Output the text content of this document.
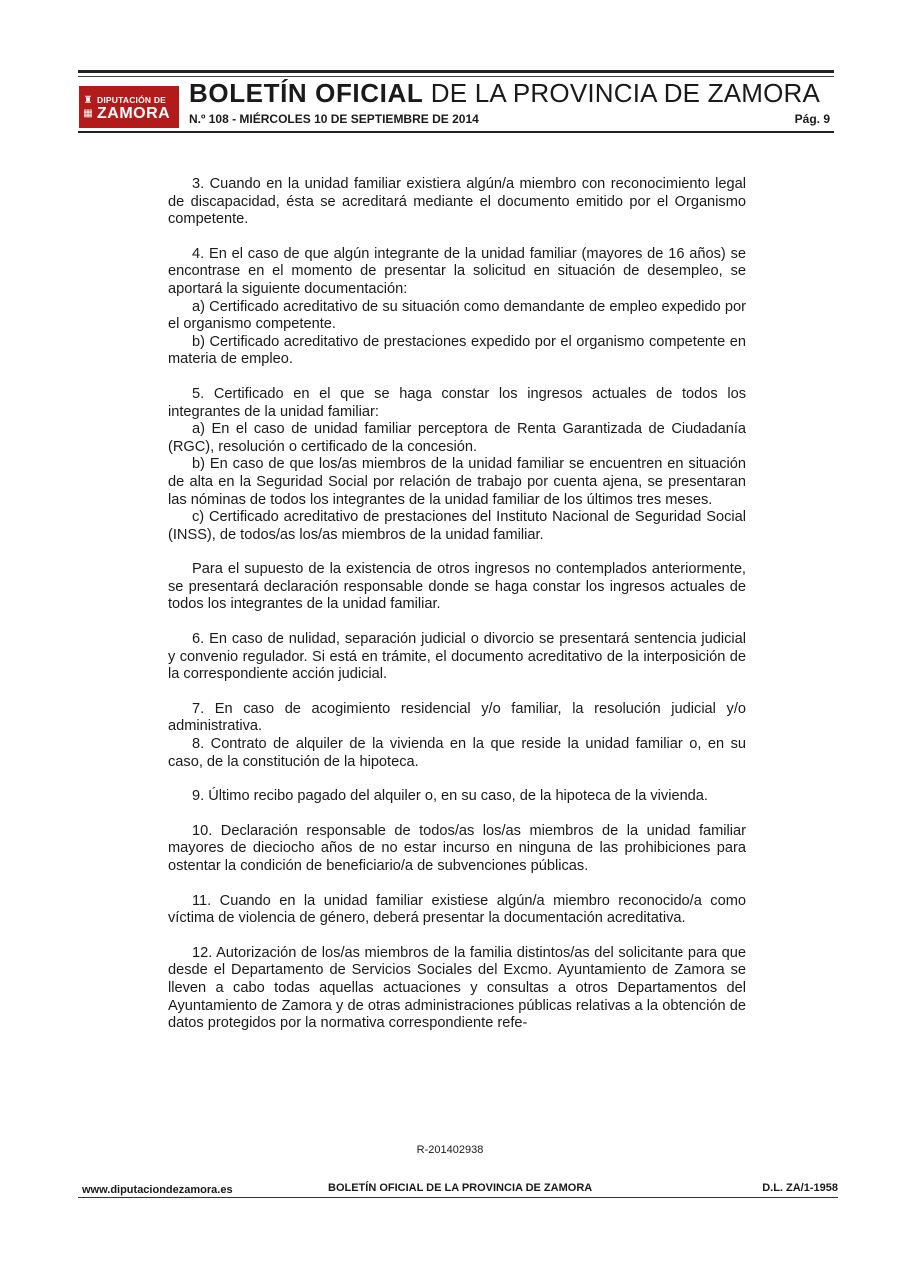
♜
▦
DIPUTACIÓN DE
ZAMORA
BOLETÍN OFICIAL DE LA PROVINCIA DE ZAMORA
N.º 108 - MIÉRCOLES 10 DE SEPTIEMBRE DE 2014	Pág. 9

3. Cuando en la unidad familiar existiera algún/a miembro con reconocimiento legal de discapacidad, ésta se acreditará mediante el documento emitido por el Organismo competente.

4. En el caso de que algún integrante de la unidad familiar (mayores de 16 años) se encontrase en el momento de presentar la solicitud en situación de desempleo, se aportará la siguiente documentación:

a) Certificado acreditativo de su situación como demandante de empleo expedido por el organismo competente.

b) Certificado acreditativo de prestaciones expedido por el organismo competente en materia de empleo.

5. Certificado en el que se haga constar los ingresos actuales de todos los integrantes de la unidad familiar:

a) En el caso de unidad familiar perceptora de Renta Garantizada de Ciudadanía (RGC), resolución o certificado de la concesión.

b) En caso de que los/as miembros de la unidad familiar se encuentren en situación de alta en la Seguridad Social por relación de trabajo por cuenta ajena, se presentaran las nóminas de todos los integrantes de la unidad familiar de los últimos tres meses.

c) Certificado acreditativo de prestaciones del Instituto Nacional de Seguridad Social (INSS), de todos/as los/as miembros de la unidad familiar.

Para el supuesto de la existencia de otros ingresos no contemplados anteriormente, se presentará declaración responsable donde se haga constar los ingresos actuales de todos los integrantes de la unidad familiar.

6. En caso de nulidad, separación judicial o divorcio se presentará sentencia judicial y convenio regulador. Si está en trámite, el documento acreditativo de la interposición de la correspondiente acción judicial.

7. En caso de acogimiento residencial y/o familiar, la resolución judicial y/o administrativa.

8. Contrato de alquiler de la vivienda en la que reside la unidad familiar o, en su caso, de la constitución de la hipoteca.

9. Último recibo pagado del alquiler o, en su caso, de la hipoteca de la vivienda.

10. Declaración responsable de todos/as los/as miembros de la unidad familiar mayores de dieciocho años de no estar incurso en ninguna de las prohibiciones para ostentar la condición de beneficiario/a de subvenciones públicas.

11. Cuando en la unidad familiar existiese algún/a miembro reconocido/a como víctima de violencia de género, deberá presentar la documentación acreditativa.

12. Autorización de los/as miembros de la familia distintos/as del solicitante para que desde el Departamento de Servicios Sociales del Excmo. Ayuntamiento de Zamora se lleven a cabo todas aquellas actuaciones y consultas a otros Departamentos del Ayuntamiento de Zamora y de otras administraciones públicas relativas a la obtención de datos protegidos por la normativa correspondiente refe-

R-201402938
www.diputaciondezamora.es	BOLETÍN OFICIAL DE LA PROVINCIA DE ZAMORA	D.L. ZA/1-1958
